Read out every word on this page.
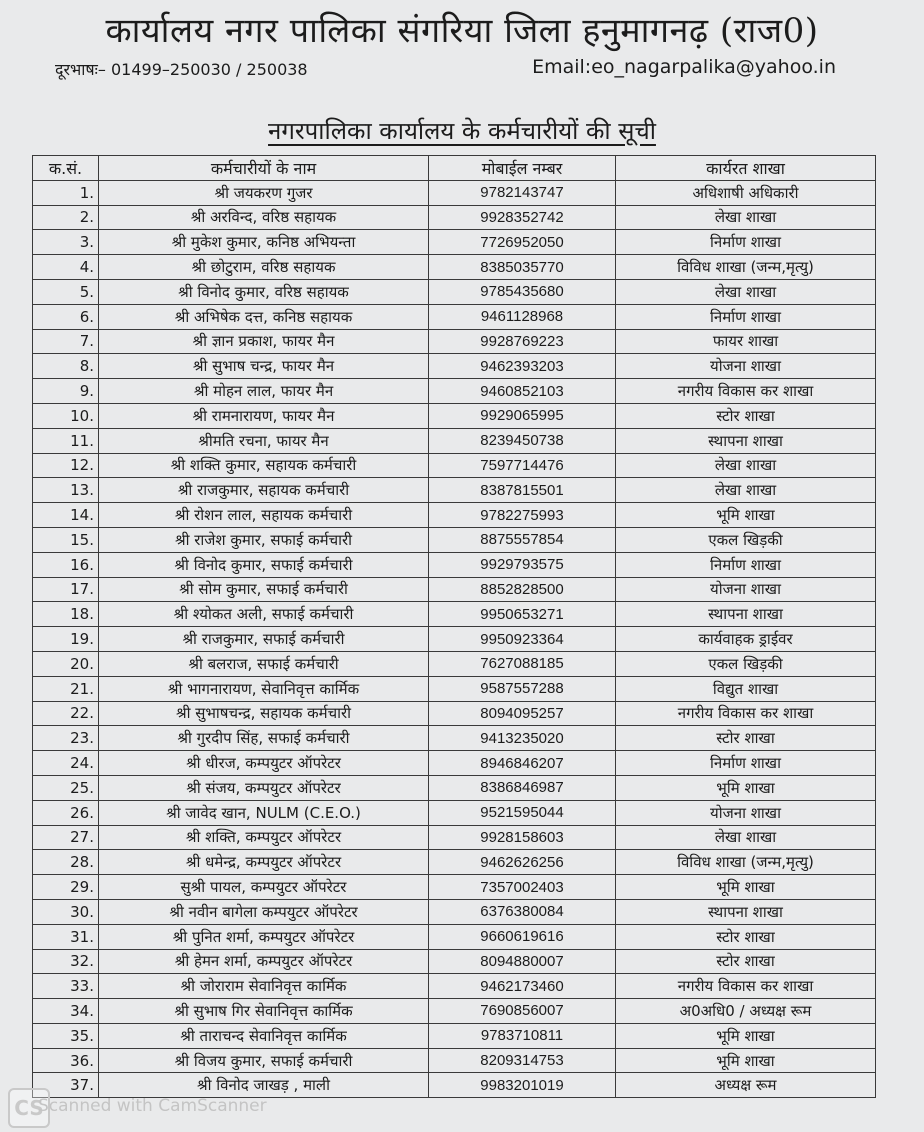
कार्यालय नगर पालिका संगरिया जिला हनुमागनढ़ (राज0)
दूरभाषः– 01499–250030 / 250038	Email:eo_nagarpalika@yahoo.in
नगरपालिका कार्यालय के कर्मचारीयों की सूची
क.सं.	कर्मचारीयों के नाम	मोबाईल नम्बर	कार्यरत शाखा
1.	श्री जयकरण गुजर	9782143747	अधिशाषी अधिकारी
2.	श्री अरविन्द, वरिष्ठ सहायक	9928352742	लेखा शाखा
3.	श्री मुकेश कुमार, कनिष्ठ अभियन्ता	7726952050	निर्माण शाखा
4.	श्री छोटुराम, वरिष्ठ सहायक	8385035770	विविध शाखा (जन्म,मृत्यु)
5.	श्री विनोद कुमार, वरिष्ठ सहायक	9785435680	लेखा शाखा
6.	श्री अभिषेक दत्त, कनिष्ठ सहायक	9461128968	निर्माण शाखा
7.	श्री ज्ञान प्रकाश, फायर मैन	9928769223	फायर शाखा
8.	श्री सुभाष चन्द्र, फायर मैन	9462393203	योजना शाखा
9.	श्री मोहन लाल, फायर मैन	9460852103	नगरीय विकास कर शाखा
10.	श्री रामनारायण, फायर मैन	9929065995	स्टोर शाखा
11.	श्रीमति रचना, फायर मैन	8239450738	स्थापना शाखा
12.	श्री शक्ति कुमार, सहायक कर्मचारी	7597714476	लेखा शाखा
13.	श्री राजकुमार, सहायक कर्मचारी	8387815501	लेखा शाखा
14.	श्री रोशन लाल, सहायक कर्मचारी	9782275993	भूमि शाखा
15.	श्री राजेश कुमार, सफाई कर्मचारी	8875557854	एकल खिड़की
16.	श्री विनोद कुमार, सफाई कर्मचारी	9929793575	निर्माण शाखा
17.	श्री सोम कुमार, सफाई कर्मचारी	8852828500	योजना शाखा
18.	श्री श्योकत अली, सफाई कर्मचारी	9950653271	स्थापना शाखा
19.	श्री राजकुमार, सफाई कर्मचारी	9950923364	कार्यवाहक ड्राईवर
20.	श्री बलराज, सफाई कर्मचारी	7627088185	एकल खिड़की
21.	श्री भागनारायण, सेवानिवृत्त कार्मिक	9587557288	विद्युत शाखा
22.	श्री सुभाषचन्द्र, सहायक कर्मचारी	8094095257	नगरीय विकास कर शाखा
23.	श्री गुरदीप सिंह, सफाई कर्मचारी	9413235020	स्टोर शाखा
24.	श्री धीरज, कम्पयुटर ऑपरेटर	8946846207	निर्माण शाखा
25.	श्री संजय, कम्पयुटर ऑपरेटर	8386846987	भूमि शाखा
26.	श्री जावेद खान, NULM (C.E.O.)	9521595044	योजना शाखा
27.	श्री शक्ति, कम्पयुटर ऑपरेटर	9928158603	लेखा शाखा
28.	श्री धमेन्द्र, कम्पयुटर ऑपरेटर	9462626256	विविध शाखा (जन्म,मृत्यु)
29.	सुश्री पायल, कम्पयुटर ऑपरेटर	7357002403	भूमि शाखा
30.	श्री नवीन बागेला कम्पयुटर ऑपरेटर	6376380084	स्थापना शाखा
31.	श्री पुनित शर्मा, कम्पयुटर ऑपरेटर	9660619616	स्टोर शाखा
32.	श्री हेमन शर्मा, कम्पयुटर ऑपरेटर	8094880007	स्टोर शाखा
33.	श्री जोराराम सेवानिवृत्त कार्मिक	9462173460	नगरीय विकास कर शाखा
34.	श्री सुभाष गिर सेवानिवृत्त कार्मिक	7690856007	अ0अधि0 / अध्यक्ष रूम
35.	श्री ताराचन्द सेवानिवृत्त कार्मिक	9783710811	भूमि शाखा
36.	श्री विजय कुमार, सफाई कर्मचारी	8209314753	भूमि शाखा
37.	श्री विनोद जाखड़ , माली	9983201019	अध्यक्ष रूम
CS
Scanned with CamScanner
